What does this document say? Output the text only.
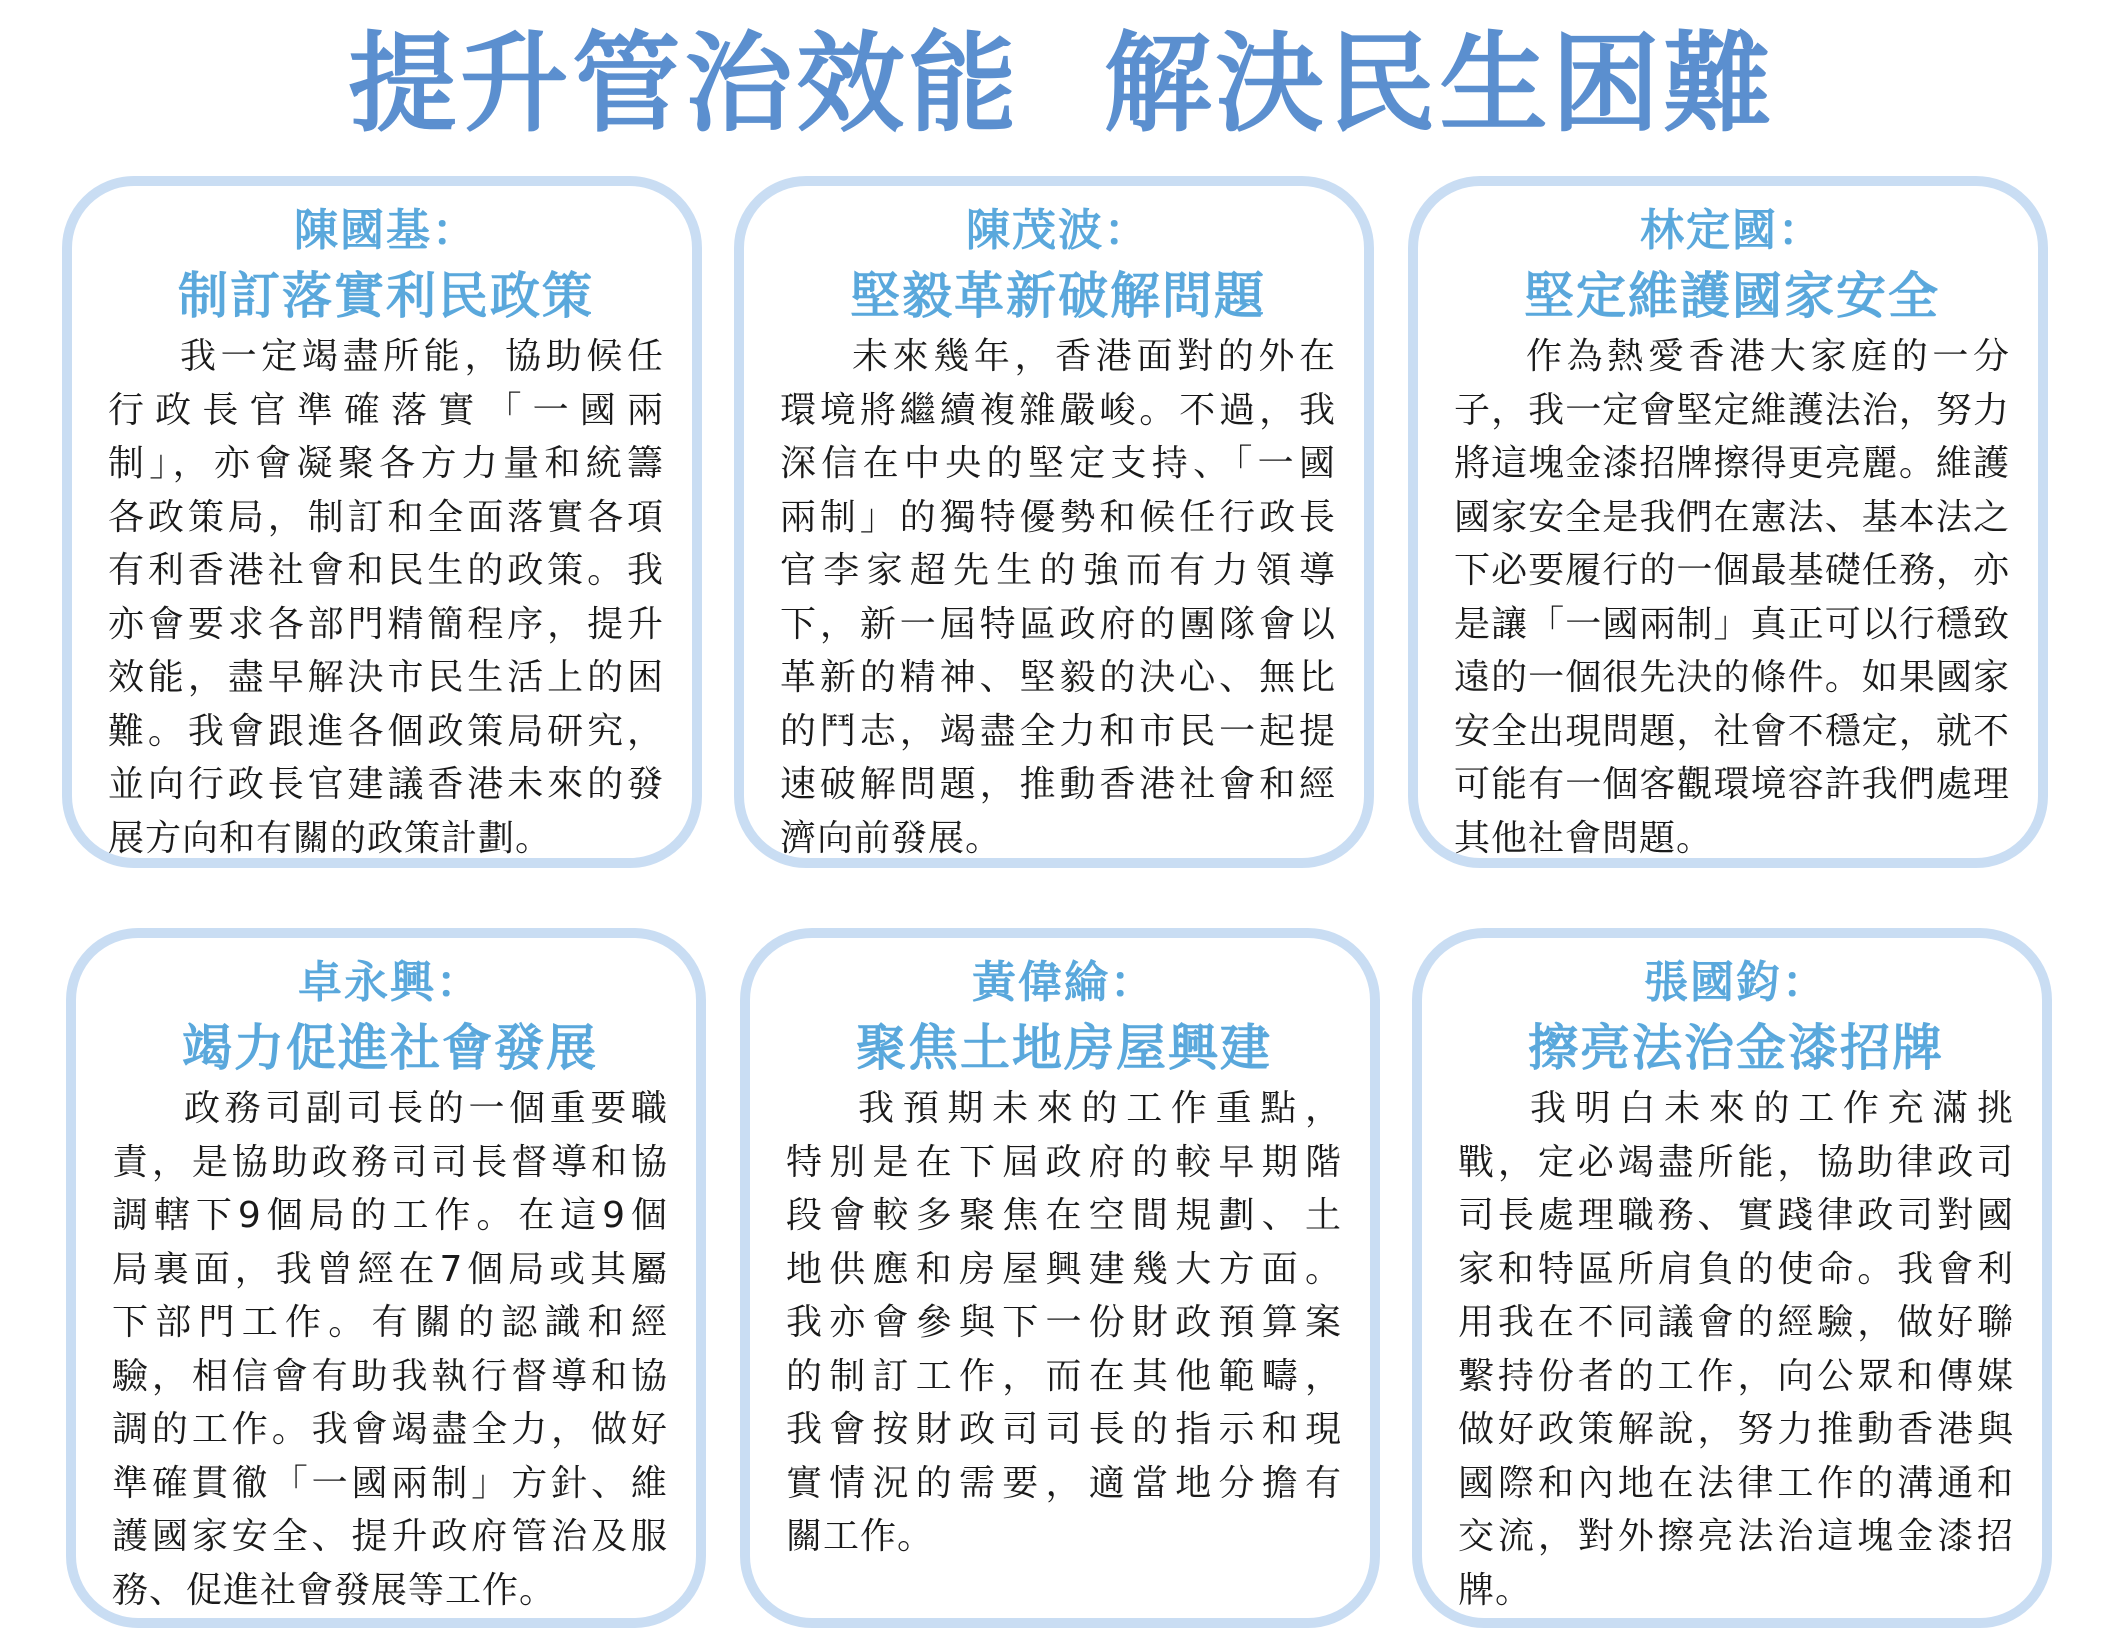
提升管治效能  解決民生困難
陳國基：
制訂落實利民政策
我一定竭盡所能，協助候任
行政長官準確落實「一國兩
制」，亦會凝聚各方力量和統籌
各政策局，制訂和全面落實各項
有利香港社會和民生的政策。我
亦會要求各部門精簡程序，提升
效能，盡早解決市民生活上的困
難。我會跟進各個政策局研究，
並向行政長官建議香港未來的發
展方向和有關的政策計劃。
陳茂波：
堅毅革新破解問題
未來幾年，香港面對的外在
環境將繼續複雜嚴峻。不過，我
深信在中央的堅定支持、「一國
兩制」的獨特優勢和候任行政長
官李家超先生的強而有力領導
下，新一屆特區政府的團隊會以
革新的精神、堅毅的決心、無比
的鬥志，竭盡全力和市民一起提
速破解問題，推動香港社會和經
濟向前發展。
林定國：
堅定維護國家安全
作為熱愛香港大家庭的一分
子，我一定會堅定維護法治，努力
將這塊金漆招牌擦得更亮麗。維護
國家安全是我們在憲法、基本法之
下必要履行的一個最基礎任務，亦
是讓「一國兩制」真正可以行穩致
遠的一個很先決的條件。如果國家
安全出現問題，社會不穩定，就不
可能有一個客觀環境容許我們處理
其他社會問題。
卓永興：
竭力促進社會發展
政務司副司長的一個重要職
責，是協助政務司司長督導和協
調轄下9個局的工作。在這9個
局裏面，我曾經在7個局或其屬
下部門工作。有關的認識和經
驗，相信會有助我執行督導和協
調的工作。我會竭盡全力，做好
準確貫徹「一國兩制」方針、維
護國家安全、提升政府管治及服
務、促進社會發展等工作。
黃偉綸：
聚焦土地房屋興建
我預期未來的工作重點，
特別是在下屆政府的較早期階
段會較多聚焦在空間規劃、土
地供應和房屋興建幾大方面。
我亦會參與下一份財政預算案
的制訂工作，而在其他範疇，
我會按財政司司長的指示和現
實情況的需要，適當地分擔有
關工作。
張國鈞：
擦亮法治金漆招牌
我明白未來的工作充滿挑
戰，定必竭盡所能，協助律政司
司長處理職務、實踐律政司對國
家和特區所肩負的使命。我會利
用我在不同議會的經驗，做好聯
繫持份者的工作，向公眾和傳媒
做好政策解說，努力推動香港與
國際和內地在法律工作的溝通和
交流，對外擦亮法治這塊金漆招
牌。
